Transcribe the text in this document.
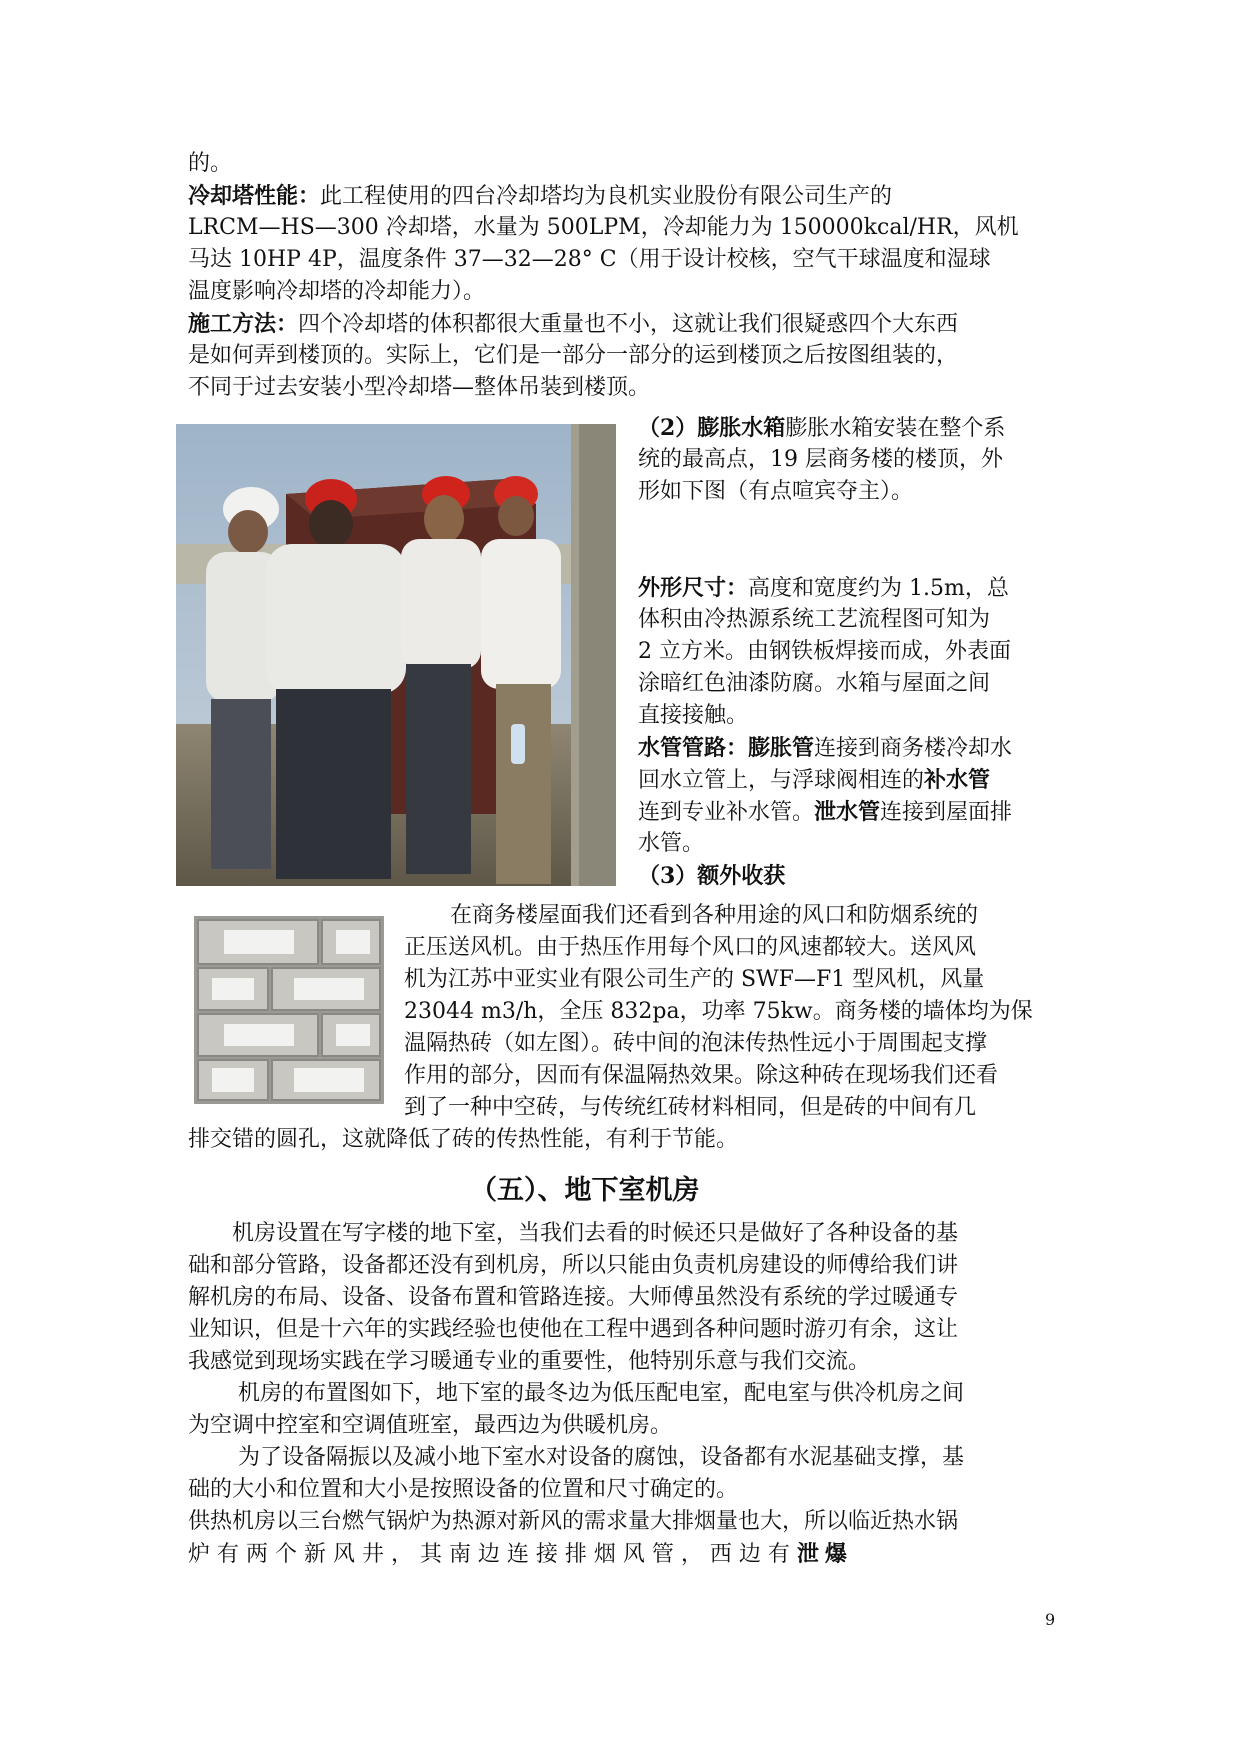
的。
冷却塔性能：此工程使用的四台冷却塔均为良机实业股份有限公司生产的
LRCM—HS—300 冷却塔，水量为 500LPM，冷却能力为 150000kcal/HR，风机
马达 10HP 4P，温度条件 37—32—28° C（用于设计校核，空气干球温度和湿球
温度影响冷却塔的冷却能力）。
施工方法：四个冷却塔的体积都很大重量也不小，这就让我们很疑惑四个大东西
是如何弄到楼顶的。实际上，它们是一部分一部分的运到楼顶之后按图组装的，
不同于过去安装小型冷却塔—整体吊装到楼顶。
（2）膨胀水箱膨胀水箱安装在整个系
统的最高点，19 层商务楼的楼顶，外
形如下图（有点喧宾夺主）。
外形尺寸：高度和宽度约为 1.5m，总
体积由冷热源系统工艺流程图可知为
2 立方米。由钢铁板焊接而成，外表面
涂暗红色油漆防腐。水箱与屋面之间
直接接触。
水管管路：膨胀管连接到商务楼冷却水
回水立管上，与浮球阀相连的补水管
连到专业补水管。泄水管连接到屋面排
水管。
（3）额外收获
在商务楼屋面我们还看到各种用途的风口和防烟系统的
正压送风机。由于热压作用每个风口的风速都较大。送风风
机为江苏中亚实业有限公司生产的 SWF—F1 型风机，风量
23044 m3/h，全压 832pa，功率 75kw。商务楼的墙体均为保
温隔热砖（如左图）。砖中间的泡沫传热性远小于周围起支撑
作用的部分，因而有保温隔热效果。除这种砖在现场我们还看
到了一种中空砖，与传统红砖材料相同，但是砖的中间有几
排交错的圆孔，这就降低了砖的传热性能，有利于节能。
（五）、地下室机房
机房设置在写字楼的地下室，当我们去看的时候还只是做好了各种设备的基
础和部分管路，设备都还没有到机房，所以只能由负责机房建设的师傅给我们讲
解机房的布局、设备、设备布置和管路连接。大师傅虽然没有系统的学过暖通专
业知识，但是十六年的实践经验也使他在工程中遇到各种问题时游刃有余，这让
我感觉到现场实践在学习暖通专业的重要性，他特别乐意与我们交流。
机房的布置图如下，地下室的最冬边为低压配电室，配电室与供冷机房之间
为空调中控室和空调值班室，最西边为供暖机房。
为了设备隔振以及减小地下室水对设备的腐蚀，设备都有水泥基础支撑，基
础的大小和位置和大小是按照设备的位置和尺寸确定的。
供热机房以三台燃气锅炉为热源对新风的需求量大排烟量也大，所以临近热水锅
炉 有 两 个 新 风 井 ， 其 南 边 连 接 排 烟 风 管 ， 西 边 有 泄爆
9
